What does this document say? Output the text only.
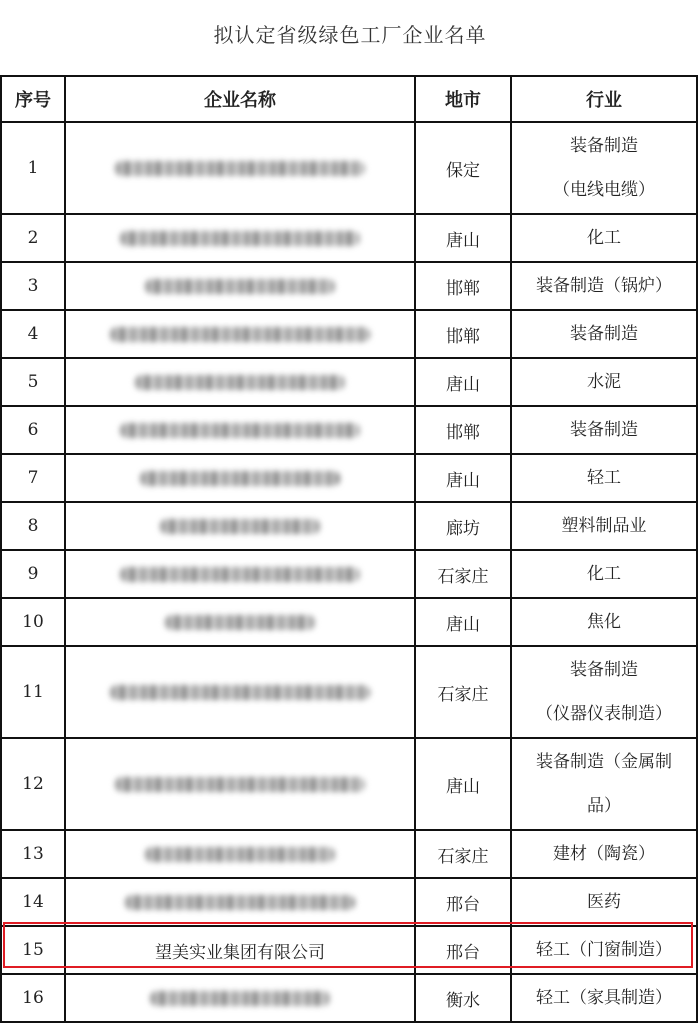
拟认定省级绿色工厂企业名单
序号	企业名称	地市	行业
1		保定	装备制造
（电线电缆）

2		唐山	化工

3		邯郸	装备制造（锅炉）

4		邯郸	装备制造

5		唐山	水泥

6		邯郸	装备制造

7		唐山	轻工

8		廊坊	塑料制品业

9		石家庄	化工

10		唐山	焦化

11		石家庄	装备制造
（仪器仪表制造）

12		唐山	装备制造（金属制
品）

13		石家庄	建材（陶瓷）

14		邢台	医药

15	望美实业集团有限公司	邢台	轻工（门窗制造）

16		衡水	轻工（家具制造）
